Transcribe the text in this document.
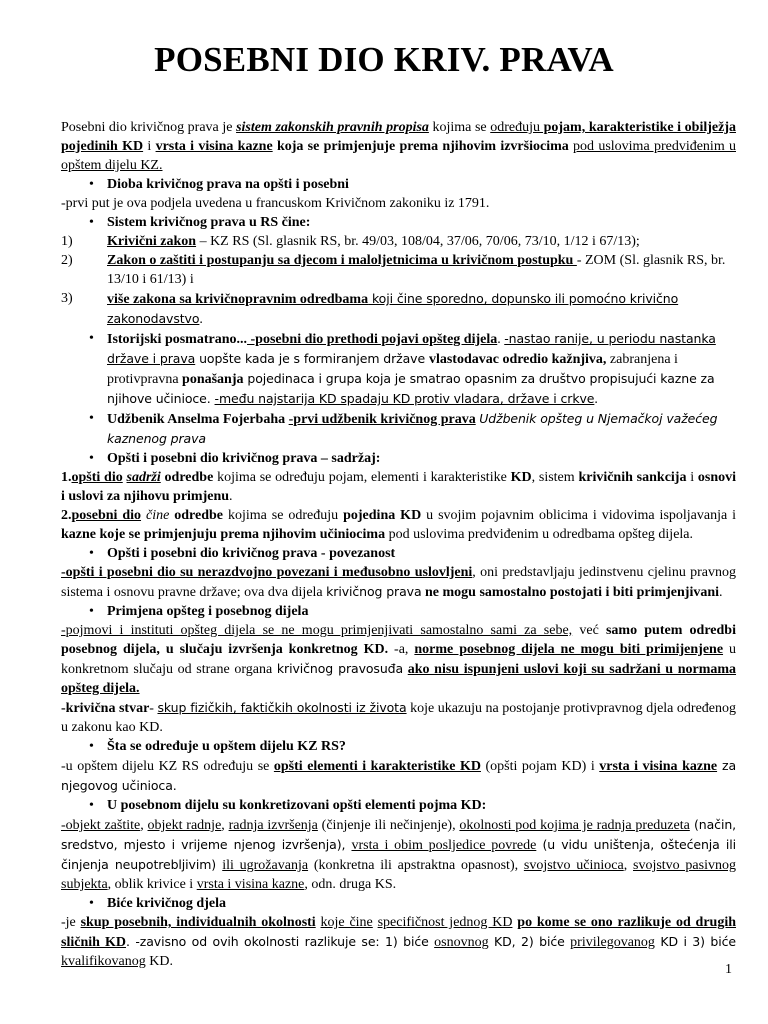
POSEBNI DIO KRIV. PRAVA

Posebni dio krivičnog prava je sistem zakonskih pravnih propisa kojima se određuju pojam, karakteristike i obilježja pojedinih KD i vrsta i visina kazne koja se primjenjuje prema njihovim izvršiocima pod uslovima predviđenim u opštem dijelu KZ.

• Dioba krivičnog prava na opšti i posebni

-prvi put je ova podjela uvedena u francuskom Krivičnom zakoniku iz 1791.

• Sistem krivičnog prava u RS čine:

1) Krivični zakon – KZ RS (Sl. glasnik RS, br. 49/03, 108/04, 37/06, 70/06, 73/10, 1/12 i 67/13);

2) Zakon o zaštiti i postupanju sa djecom i maloljetnicima u krivičnom postupku - ZOM (Sl. glasnik RS, br. 13/10 i 61/13) i

3) više zakona sa krivičnopravnim odredbama koji čine sporedno, dopunsko ili pomoćno krivično zakonodavstvo.

• Istorijski posmatrano... -posebni dio prethodi pojavi opšteg dijela. -nastao ranije, u periodu nastanka države i prava uopšte kada je s formiranjem države vlastodavac odredio kažnjiva, zabranjena i protivpravna ponašanja pojedinaca i grupa koja je smatrao opasnim za društvo propisujući kazne za njihove učinioce. -među najstarija KD spadaju KD protiv vladara, države i crkve.

• Udžbenik Anselma Fojerbaha -prvi udžbenik krivičnog prava Udžbenik opšteg u Njemačkoj važećeg kaznenog prava

• Opšti i posebni dio krivičnog prava – sadržaj:

1.opšti dio sadrži odredbe kojima se određuju pojam, elementi i karakteristike KD, sistem krivičnih sankcija i osnovi i uslovi za njihovu primjenu.

2.posebni dio čine odredbe kojima se određuju pojedina KD u svojim pojavnim oblicima i vidovima ispoljavanja i kazne koje se primjenjuju prema njihovim učiniocima pod uslovima predviđenim u odredbama opšteg dijela.

• Opšti i posebni dio krivičnog prava - povezanost

-opšti i posebni dio su nerazdvojno povezani i međusobno uslovljeni, oni predstavljaju jedinstvenu cjelinu pravnog sistema i osnovu pravne države; ova dva dijela krivičnog prava ne mogu samostalno postojati i biti primjenjivani.

• Primjena opšteg i posebnog dijela

-pojmovi i instituti opšteg dijela se ne mogu primjenjivati samostalno sami za sebe, već samo putem odredbi posebnog dijela, u slučaju izvršenja konkretnog KD. -a, norme posebnog dijela ne mogu biti primijenjene u konkretnom slučaju od strane organa krivičnog pravosuđa ako nisu ispunjeni uslovi koji su sadržani u normama opšteg dijela.

-krivična stvar- skup fizičkih, faktičkih okolnosti iz života koje ukazuju na postojanje protivpravnog djela određenog u zakonu kao KD.

• Šta se određuje u opštem dijelu KZ RS?

-u opštem dijelu KZ RS određuju se opšti elementi i karakteristike KD (opšti pojam KD) i vrsta i visina kazne za njegovog učinioca.

• U posebnom dijelu su konkretizovani opšti elementi pojma KD:

-objekt zaštite, objekt radnje, radnja izvršenja (činjenje ili nečinjenje), okolnosti pod kojima je radnja preduzeta (način, sredstvo, mjesto i vrijeme njenog izvršenja), vrsta i obim posljedice povrede (u vidu uništenja, oštećenja ili činjenja neupotrebljivim) ili ugrožavanja (konkretna ili apstraktna opasnost), svojstvo učinioca, svojstvo pasivnog subjekta, oblik krivice i vrsta i visina kazne, odn. druga KS.

• Biće krivičnog djela

-je skup posebnih, individualnih okolnosti koje čine specifičnost jednog KD po kome se ono razlikuje od drugih sličnih KD. -zavisno od ovih okolnosti razlikuje se: 1) biće osnovnog KD, 2) biće privilegovanog KD i 3) biće kvalifikovanog KD.

1
